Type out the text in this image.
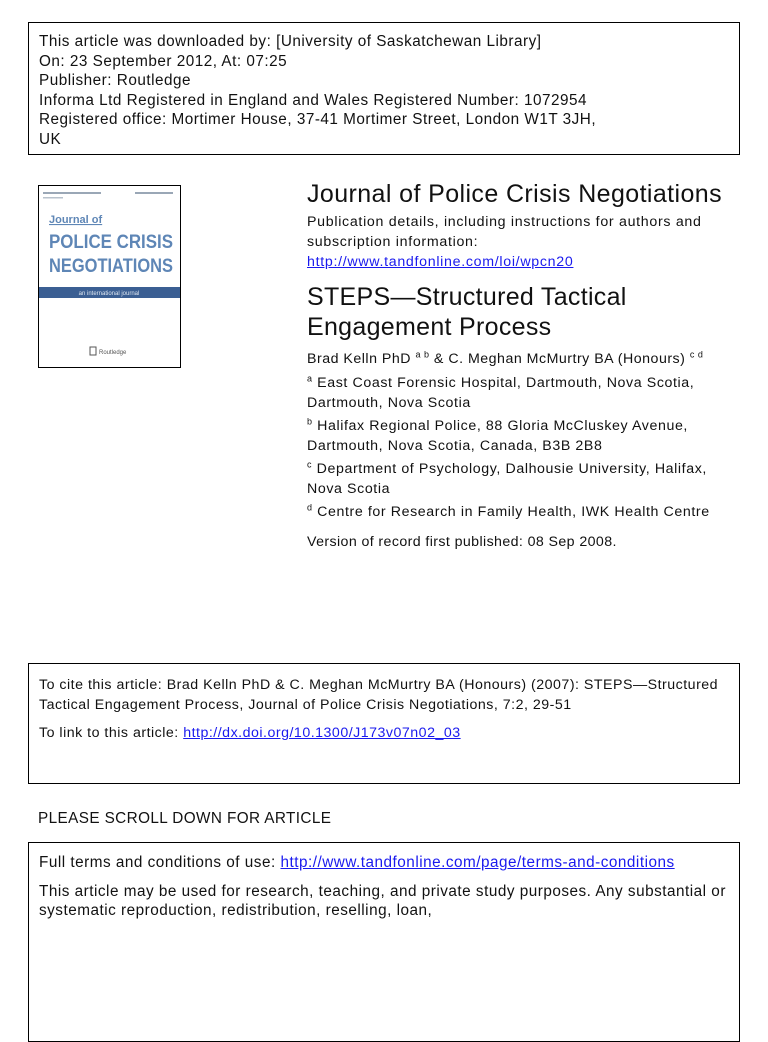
This article was downloaded by: [University of Saskatchewan Library]
On: 23 September 2012, At: 07:25
Publisher: Routledge
Informa Ltd Registered in England and Wales Registered Number: 1072954
Registered office: Mortimer House, 37-41 Mortimer Street, London W1T 3JH,
UK
Journal of
POLICE CRISIS
NEGOTIATIONS
an international journal
Routledge
Journal of Police Crisis Negotiations
Publication details, including instructions for authors and subscription information:
http://www.tandfonline.com/loi/wpcn20
STEPS—Structured Tactical Engagement Process
Brad Kelln PhD $^{a b}$ & C. Meghan McMurtry BA (Honours) $^{c d}$
$^a$ East Coast Forensic Hospital, Dartmouth, Nova Scotia, Dartmouth, Nova Scotia
$^b$ Halifax Regional Police, 88 Gloria McCluskey Avenue, Dartmouth, Nova Scotia, Canada, B3B 2B8
$^c$ Department of Psychology, Dalhousie University, Halifax, Nova Scotia
$^d$ Centre for Research in Family Health, IWK Health Centre
Version of record first published: 08 Sep 2008.
To cite this article: Brad Kelln PhD & C. Meghan McMurtry BA (Honours) (2007): STEPS—Structured Tactical Engagement Process, Journal of Police Crisis Negotiations, 7:2, 29-51
To link to this article: http://dx.doi.org/10.1300/J173v07n02_03
PLEASE SCROLL DOWN FOR ARTICLE
Full terms and conditions of use: http://www.tandfonline.com/page/terms-and-conditions
This article may be used for research, teaching, and private study purposes. Any substantial or systematic reproduction, redistribution, reselling, loan,
